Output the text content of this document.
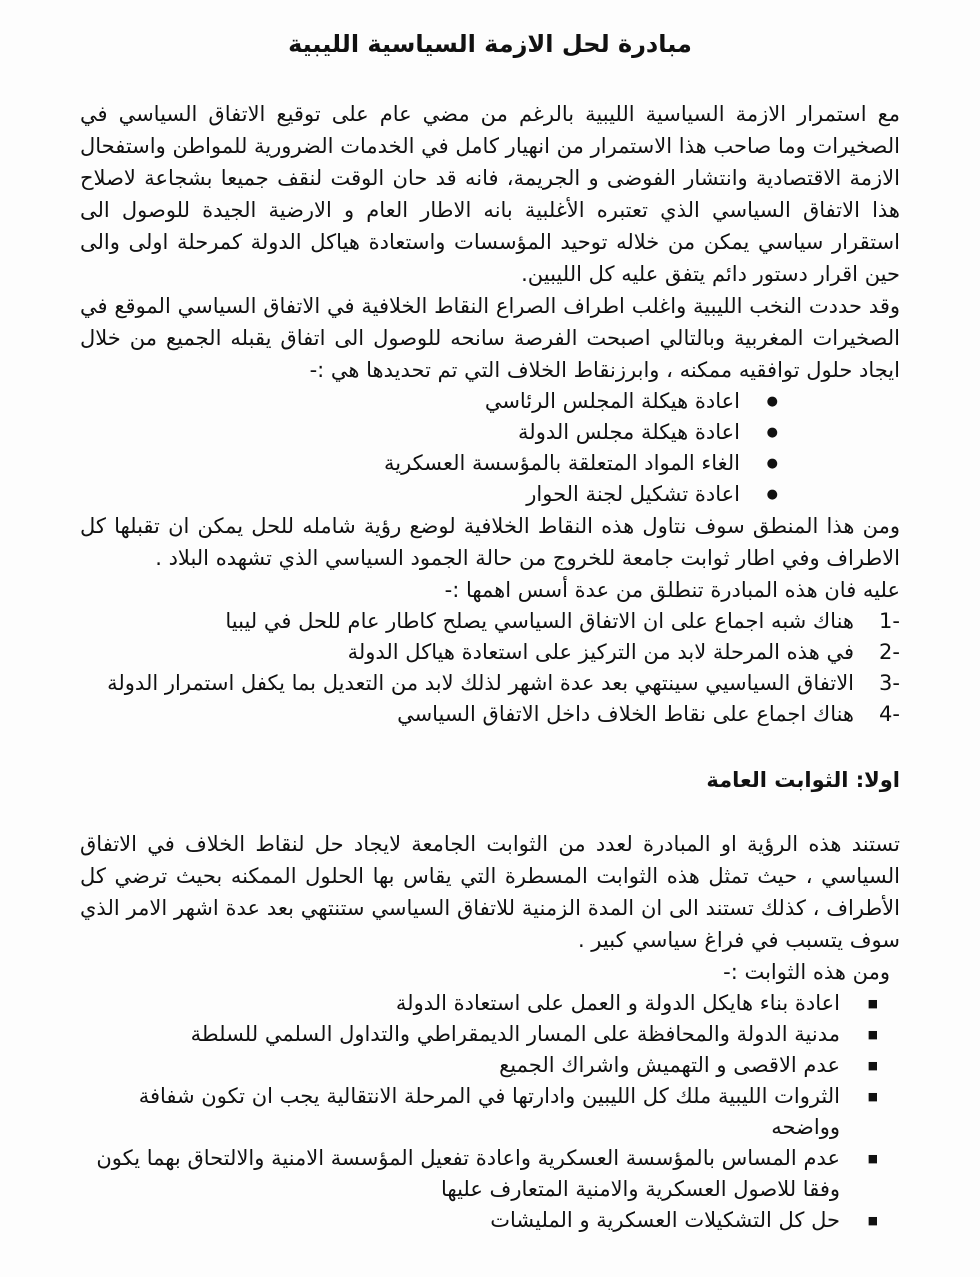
مبادرة لحل الازمة السياسية الليبية

مع استمرار الازمة السياسية الليبية بالرغم من مضي عام على توقيع الاتفاق السياسي في الصخيرات وما صاحب هذا الاستمرار من انهيار كامل في الخدمات الضرورية للمواطن واستفحال الازمة الاقتصادية وانتشار الفوضى و الجريمة، فانه قد حان الوقت لنقف جميعا بشجاعة لاصلاح هذا الاتفاق السياسي الذي تعتبره الأغلبية بانه الاطار العام و الارضية الجيدة للوصول الى استقرار سياسي يمكن من خلاله توحيد المؤسسات واستعادة هياكل الدولة كمرحلة اولى والى حين اقرار دستور دائم يتفق عليه كل الليبين.

وقد حددت النخب الليبية واغلب اطراف الصراع النقاط الخلافية في الاتفاق السياسي الموقع في الصخيرات المغربية وبالتالي اصبحت الفرصة سانحه للوصول الى اتفاق يقبله الجميع من خلال ايجاد حلول توافقيه ممكنه ، وابرزنقاط الخلاف التي تم تحديدها هي :-

● اعادة هيكلة المجلس الرئاسي
● اعادة هيكلة مجلس الدولة
● الغاء المواد المتعلقة بالمؤسسة العسكرية
● اعادة تشكيل لجنة الحوار

ومن هذا المنطق سوف نتاول هذه النقاط الخلافية لوضع رؤية شامله للحل يمكن ان تقبلها كل الاطراف وفي اطار ثوابت جامعة للخروج من حالة الجمود السياسي الذي تشهده البلاد .

عليه فان هذه المبادرة تنطلق من عدة أسس اهمها :-

-1
هناك شبه اجماع على ان الاتفاق السياسي يصلح كاطار عام للحل في ليبيا
-2
في هذه المرحلة لابد من التركيز على استعادة هياكل الدولة
-3
الاتفاق السياسيي سينتهي بعد عدة اشهر لذلك لابد من التعديل بما يكفل استمرار الدولة
-4
هناك اجماع على نقاط الخلاف داخل الاتفاق السياسي
اولا: الثوابت العامة

تستند هذه الرؤية او المبادرة لعدد من الثوابت الجامعة لايجاد حل لنقاط الخلاف في الاتفاق السياسي ، حيث تمثل هذه الثوابت المسطرة التي يقاس بها الحلول الممكنه بحيث ترضي كل الأطراف ، كذلك تستند الى ان المدة الزمنية للاتفاق السياسي ستنتهي بعد عدة اشهر الامر الذي سوف يتسبب في فراغ سياسي كبير .

ومن هذه الثوابت :-

■ اعادة بناء هايكل الدولة و العمل على استعادة الدولة
■ مدنية الدولة والمحافظة على المسار الديمقراطي والتداول السلمي للسلطة
■ عدم الاقصى و التهميش واشراك الجميع
■ الثروات الليبية ملك كل الليبين وادارتها في المرحلة الانتقالية يجب ان تكون شفافة وواضحه
■ عدم المساس بالمؤسسة العسكرية واعادة تفعيل المؤسسة الامنية والالتحاق بهما يكون وفقا للاصول العسكرية والامنية المتعارف عليها
■ حل كل التشكيلات العسكرية و المليشات
